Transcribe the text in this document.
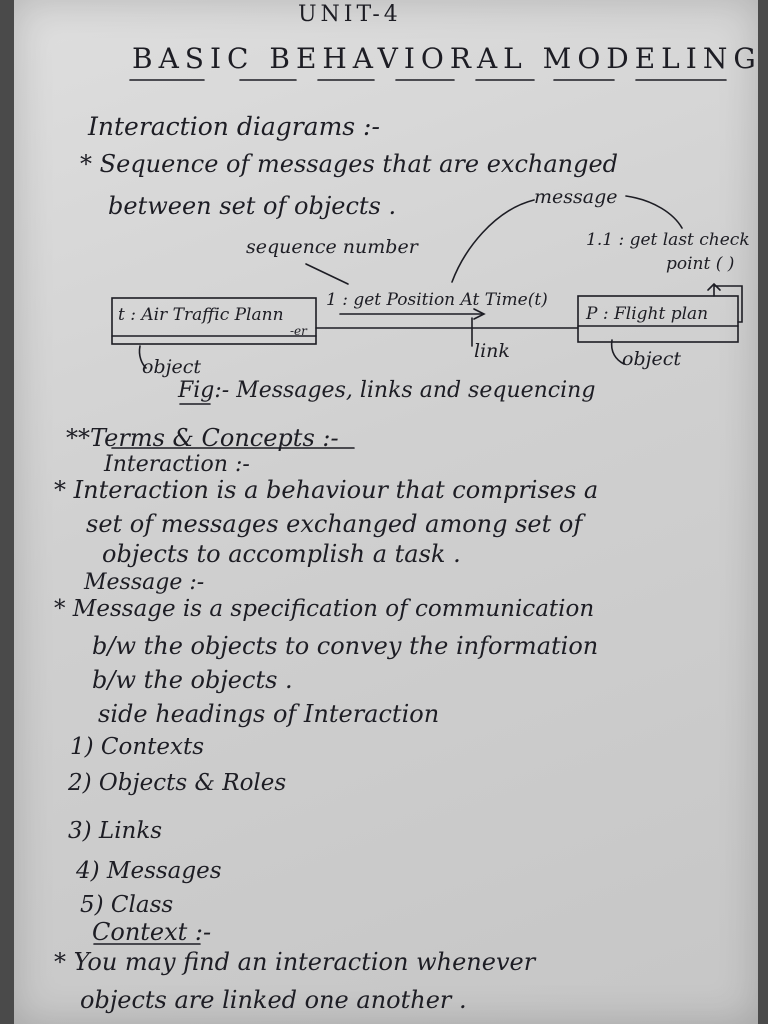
UNIT-4
BASIC BEHAVIORAL MODELING
Interaction diagrams :-
* Sequence of messages that are exchanged
between set of objects .	message
sequence number	1.1 : get last check
point ( )
t : Air Traffic Plann
-er
1 : get Position At Time(t)
P : Flight plan
object
link	object
Fig:- Messages, links and sequencing
**Terms & Concepts :-
Interaction :-
* Interaction is a behaviour that comprises a
set of messages exchanged among set of
objects to accomplish a task .
Message :-
* Message is a specification of communication
b/w the objects to convey the information
b/w the objects .
side headings of Interaction
1) Contexts
2) Objects & Roles
3) Links
4) Messages
5) Class
Context :-
* You may find an interaction whenever
objects are linked one another .
